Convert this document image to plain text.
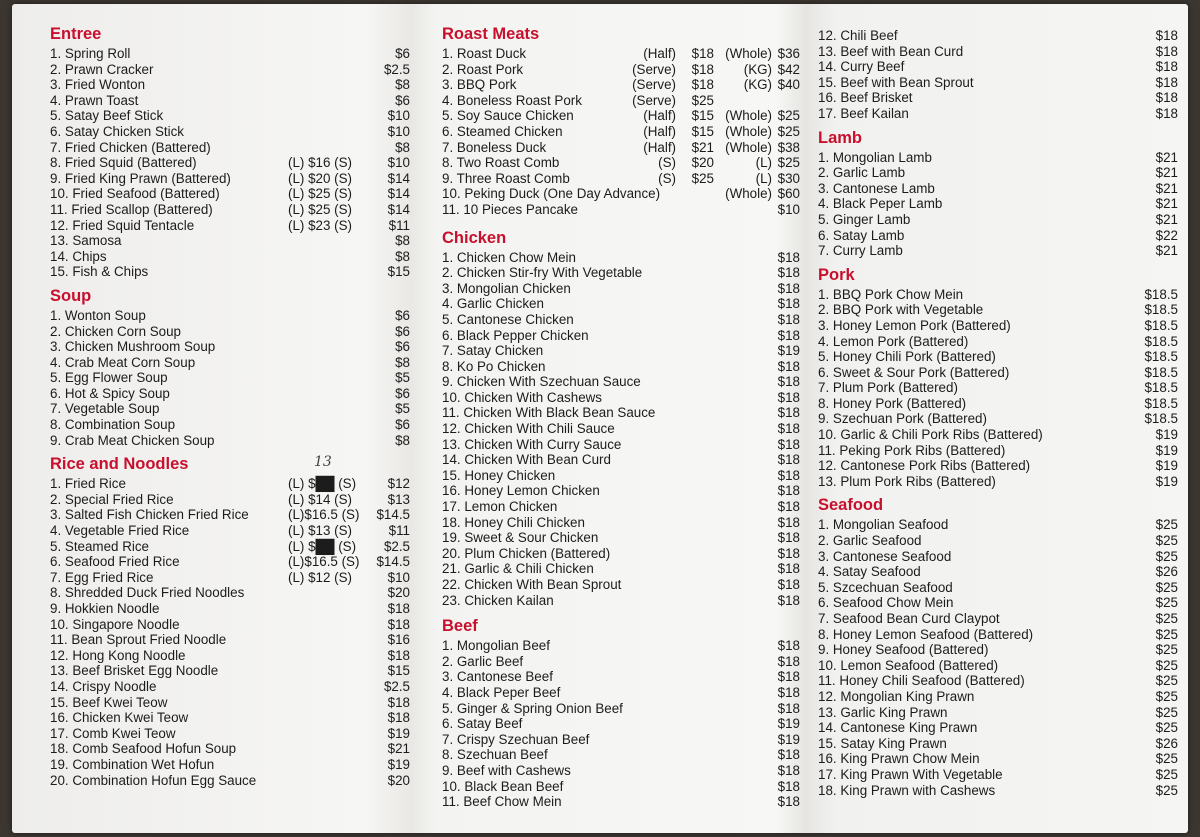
Entree
1. Spring Roll	$6
2. Prawn Cracker	$2.5
3. Fried Wonton	$8
4. Prawn Toast	$6
5. Satay Beef Stick	$10
6. Satay Chicken Stick	$10
7. Fried Chicken (Battered)	$8
8. Fried Squid (Battered)	(L) $16 (S)	$10
9. Fried King Prawn (Battered)	(L) $20 (S)	$14
10. Fried Seafood (Battered)	(L) $25 (S)	$14
11. Fried Scallop (Battered)	(L) $25 (S)	$14
12. Fried Squid Tentacle	(L) $23 (S)	$11
13. Samosa	$8
14. Chips	$8
15. Fish & Chips	$15
Soup
1. Wonton Soup	$6
2. Chicken Corn Soup	$6
3. Chicken Mushroom Soup	$6
4. Crab Meat Corn Soup	$8
5. Egg Flower Soup	$5
6. Hot & Spicy Soup	$6
7. Vegetable Soup	$5
8. Combination Soup	$6
9. Crab Meat Chicken Soup	$8
Rice and Noodles	13
1. Fried Rice	(L) $██ (S)	$12
2. Special Fried Rice	(L) $14 (S)	$13
3. Salted Fish Chicken Fried Rice	(L)$16.5 (S)	$14.5
4. Vegetable Fried Rice	(L) $13 (S)	$11
5. Steamed Rice	(L) $██ (S)	$2.5
6. Seafood Fried Rice	(L)$16.5 (S)	$14.5
7. Egg Fried Rice	(L) $12 (S)	$10
8. Shredded Duck Fried Noodles	$20
9. Hokkien Noodle	$18
10. Singapore Noodle	$18
11. Bean Sprout Fried Noodle	$16
12. Hong Kong Noodle	$18
13. Beef Brisket Egg Noodle	$15
14. Crispy Noodle	$2.5
15. Beef Kwei Teow	$18
16. Chicken Kwei Teow	$18
17. Comb Kwei Teow	$19
18. Comb Seafood Hofun Soup	$21
19. Combination Wet Hofun	$19
20. Combination Hofun Egg Sauce	$20
Roast Meats
1. Roast Duck	(Half) $18 (Whole) $36
2. Roast Pork	(Serve) $18 (KG) $42
3. BBQ Pork	(Serve) $18 (KG) $40
4. Boneless Roast Pork	(Serve) $25
5. Soy Sauce Chicken	(Half) $15 (Whole) $25
6. Steamed Chicken	(Half) $15 (Whole) $25
7. Boneless Duck	(Half) $21 (Whole) $38
8. Two Roast Comb	(S) $20	(L) $25
9. Three Roast Comb	(S) $25	(L) $30
10. Peking Duck (One Day Advance)	(Whole) $60
11. 10 Pieces Pancake	$10
Chicken
1. Chicken Chow Mein	$18
2. Chicken Stir-fry With Vegetable	$18
3. Mongolian Chicken	$18
4. Garlic Chicken	$18
5. Cantonese Chicken	$18
6. Black Pepper Chicken	$18
7. Satay Chicken	$19
8. Ko Po Chicken	$18
9. Chicken With Szechuan Sauce	$18
10. Chicken With Cashews	$18
11. Chicken With Black Bean Sauce	$18
12. Chicken With Chili Sauce	$18
13. Chicken With Curry Sauce	$18
14. Chicken With Bean Curd	$18
15. Honey Chicken	$18
16. Honey Lemon Chicken	$18
17. Lemon Chicken	$18
18. Honey Chili Chicken	$18
19. Sweet & Sour Chicken	$18
20. Plum Chicken (Battered)	$18
21. Garlic & Chili Chicken	$18
22. Chicken With Bean Sprout	$18
23. Chicken Kailan	$18
Beef
1. Mongolian Beef	$18
2. Garlic Beef	$18
3. Cantonese Beef	$18
4. Black Peper Beef	$18
5. Ginger & Spring Onion Beef	$18
6. Satay Beef	$19
7. Crispy Szechuan Beef	$19
8. Szechuan Beef	$18
9. Beef with Cashews	$18
10. Black Bean Beef	$18
11. Beef Chow Mein	$18
12. Chili Beef	$18
13. Beef with Bean Curd	$18
14. Curry Beef	$18
15. Beef with Bean Sprout	$18
16. Beef Brisket	$18
17. Beef Kailan	$18
Lamb
1. Mongolian Lamb	$21
2. Garlic Lamb	$21
3. Cantonese Lamb	$21
4. Black Peper Lamb	$21
5. Ginger Lamb	$21
6. Satay Lamb	$22
7. Curry Lamb	$21
Pork
1. BBQ Pork Chow Mein	$18.5
2. BBQ Pork with Vegetable	$18.5
3. Honey Lemon Pork (Battered)	$18.5
4. Lemon Pork (Battered)	$18.5
5. Honey Chili Pork (Battered)	$18.5
6. Sweet & Sour Pork (Battered)	$18.5
7. Plum Pork (Battered)	$18.5
8. Honey Pork (Battered)	$18.5
9. Szechuan Pork (Battered)	$18.5
10. Garlic & Chili Pork Ribs (Battered)	$19
11. Peking Pork Ribs (Battered)	$19
12. Cantonese Pork Ribs (Battered)	$19
13. Plum Pork Ribs (Battered)	$19
Seafood
1. Mongolian Seafood	$25
2. Garlic Seafood	$25
3. Cantonese Seafood	$25
4. Satay Seafood	$26
5. Szcechuan Seafood	$25
6. Seafood Chow Mein	$25
7. Seafood Bean Curd Claypot	$25
8. Honey Lemon Seafood (Battered)	$25
9. Honey Seafood (Battered)	$25
10. Lemon Seafood (Battered)	$25
11. Honey Chili Seafood (Battered)	$25
12. Mongolian King Prawn	$25
13. Garlic King Prawn	$25
14. Cantonese King Prawn	$25
15. Satay King Prawn	$26
16. King Prawn Chow Mein	$25
17. King Prawn With Vegetable	$25
18. King Prawn with Cashews	$25
